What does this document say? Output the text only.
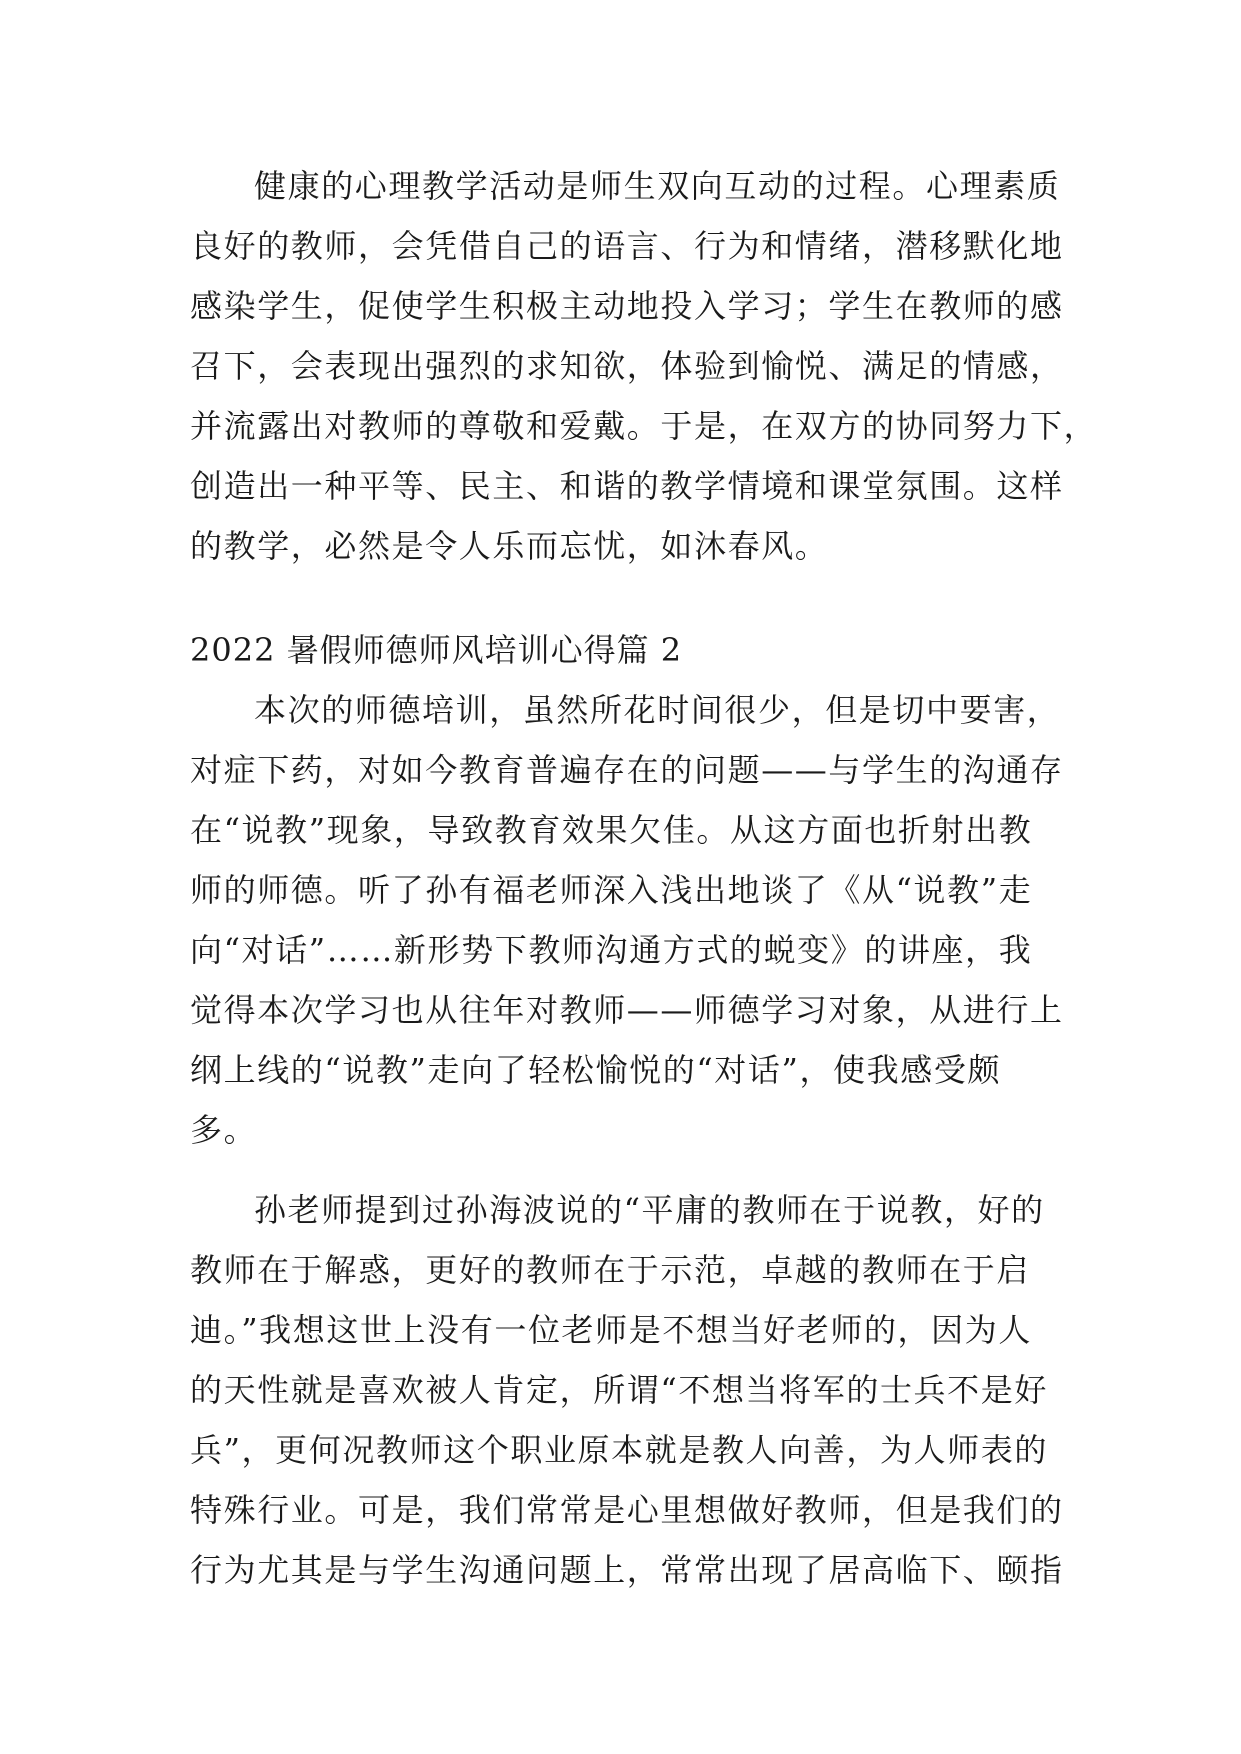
健康的心理教学活动是师生双向互动的过程。心理素质
良好的教师，会凭借自己的语言、行为和情绪，潜移默化地
感染学生，促使学生积极主动地投入学习；学生在教师的感
召下，会表现出强烈的求知欲，体验到愉悦、满足的情感，
并流露出对教师的尊敬和爱戴。于是，在双方的协同努力下，
创造出一种平等、民主、和谐的教学情境和课堂氛围。这样
的教学，必然是令人乐而忘忧，如沐春风。
2022 暑假师德师风培训心得篇 2
本次的师德培训，虽然所花时间很少，但是切中要害，
对症下药，对如今教育普遍存在的问题——与学生的沟通存
在“说教”现象，导致教育效果欠佳。从这方面也折射出教
师的师德。听了孙有福老师深入浅出地谈了《从“说教”走
向“对话”……新形势下教师沟通方式的蜕变》的讲座，我
觉得本次学习也从往年对教师——师德学习对象，从进行上
纲上线的“说教”走向了轻松愉悦的“对话”，使我感受颇
多。
孙老师提到过孙海波说的“平庸的教师在于说教，好的
教师在于解惑，更好的教师在于示范，卓越的教师在于启
迪。”我想这世上没有一位老师是不想当好老师的，因为人
的天性就是喜欢被人肯定，所谓“不想当将军的士兵不是好
兵”，更何况教师这个职业原本就是教人向善，为人师表的
特殊行业。可是，我们常常是心里想做好教师，但是我们的
行为尤其是与学生沟通问题上，常常出现了居高临下、颐指
